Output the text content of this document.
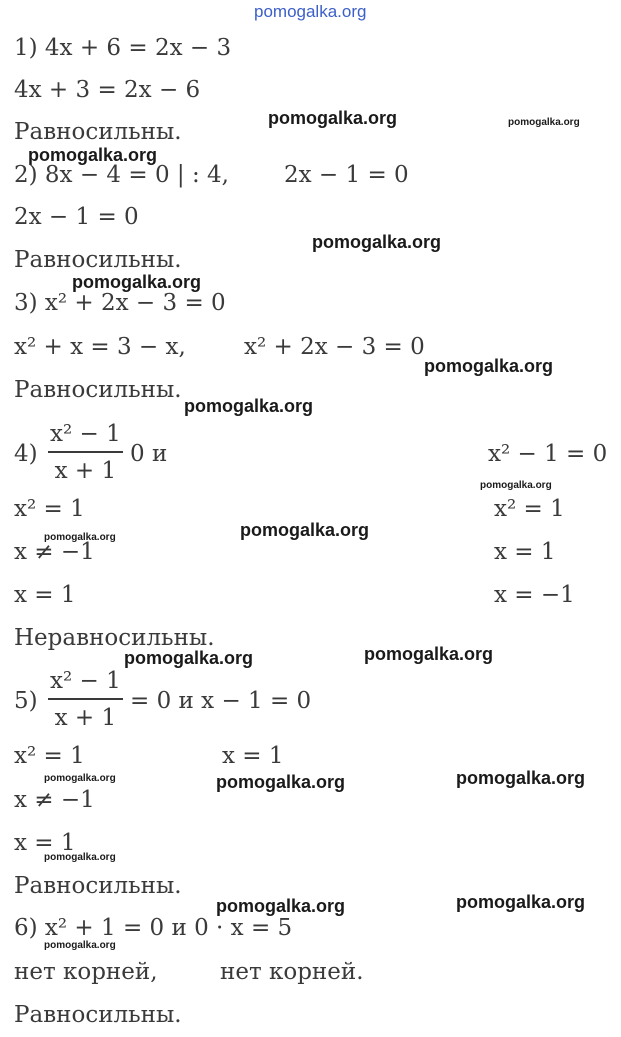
pomogalka.org
pomogalka.org	pomogalka.org
pomogalka.org
pomogalka.org
pomogalka.org
pomogalka.org
pomogalka.org
pomogalka.org
pomogalka.org
pomogalka.org
pomogalka.org	pomogalka.org
pomogalka.org	pomogalka.org	pomogalka.org
pomogalka.org
pomogalka.org	pomogalka.org
pomogalka.org
1) 4x + 6 = 2x − 3
4x + 3 = 2x − 6
Равносильны.
2) 8x − 4 = 0 | : 4, 2x − 1 = 0
2x − 1 = 0
Равносильны.
3) x² + 2x − 3 = 0
x² + x = 3 − x,	x² + 2x − 3 = 0
Равносильны.
4)
x² − 1
x + 1
0 и	x² − 1 = 0
x² = 1	x² = 1
x ≠ −1	x = 1
x = 1	x = −1
Неравносильны.
5)
x² − 1
x + 1
= 0 и x − 1 = 0
x² = 1	x = 1
x ≠ −1
x = 1
Равносильны.
6) x² + 1 = 0 и 0 · x = 5
нет корней,	нет корней.
Равносильны.
